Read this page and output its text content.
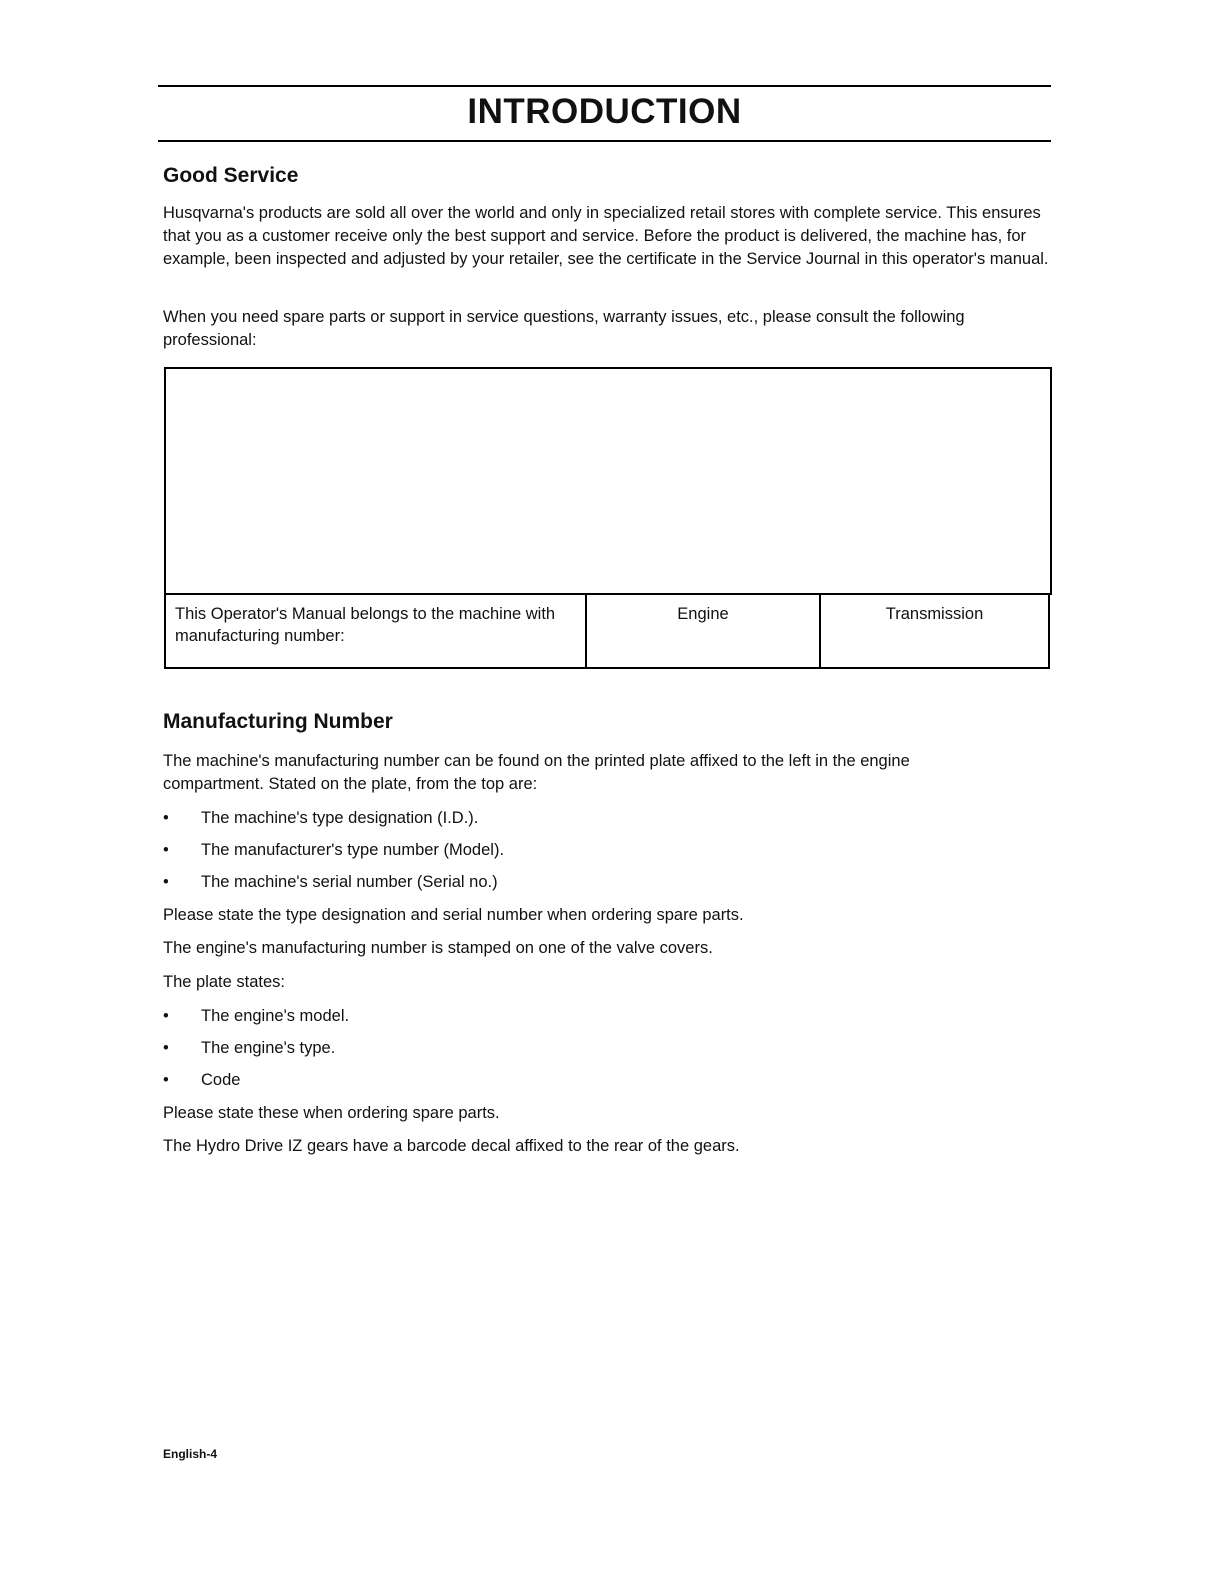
INTRODUCTION
Good Service
Husqvarna's products are sold all over the world and only in specialized retail stores with complete service. This ensures that you as a customer receive only the best support and service. Before the product is delivered, the machine has, for example, been inspected and adjusted by your retailer, see the certificate in the Service Journal in this operator's manual.
When you need spare parts or support in service questions, warranty issues, etc., please consult the following professional:
This Operator's Manual belongs to the machine with manufacturing number:
Engine	Transmission
Manufacturing Number
The machine's manufacturing number can be found on the printed plate affixed to the left in the engine
compartment. Stated on the plate, from the top are:
• The machine's type designation (I.D.).
• The manufacturer's type number (Model).
• The machine's serial number (Serial no.)
Please state the type designation and serial number when ordering spare parts.
The engine's manufacturing number is stamped on one of the valve covers.
The plate states:
• The engine's model.
• The engine's type.
• Code
Please state these when ordering spare parts.
The Hydro Drive IZ gears have a barcode decal affixed to the rear of the gears.
English-4
